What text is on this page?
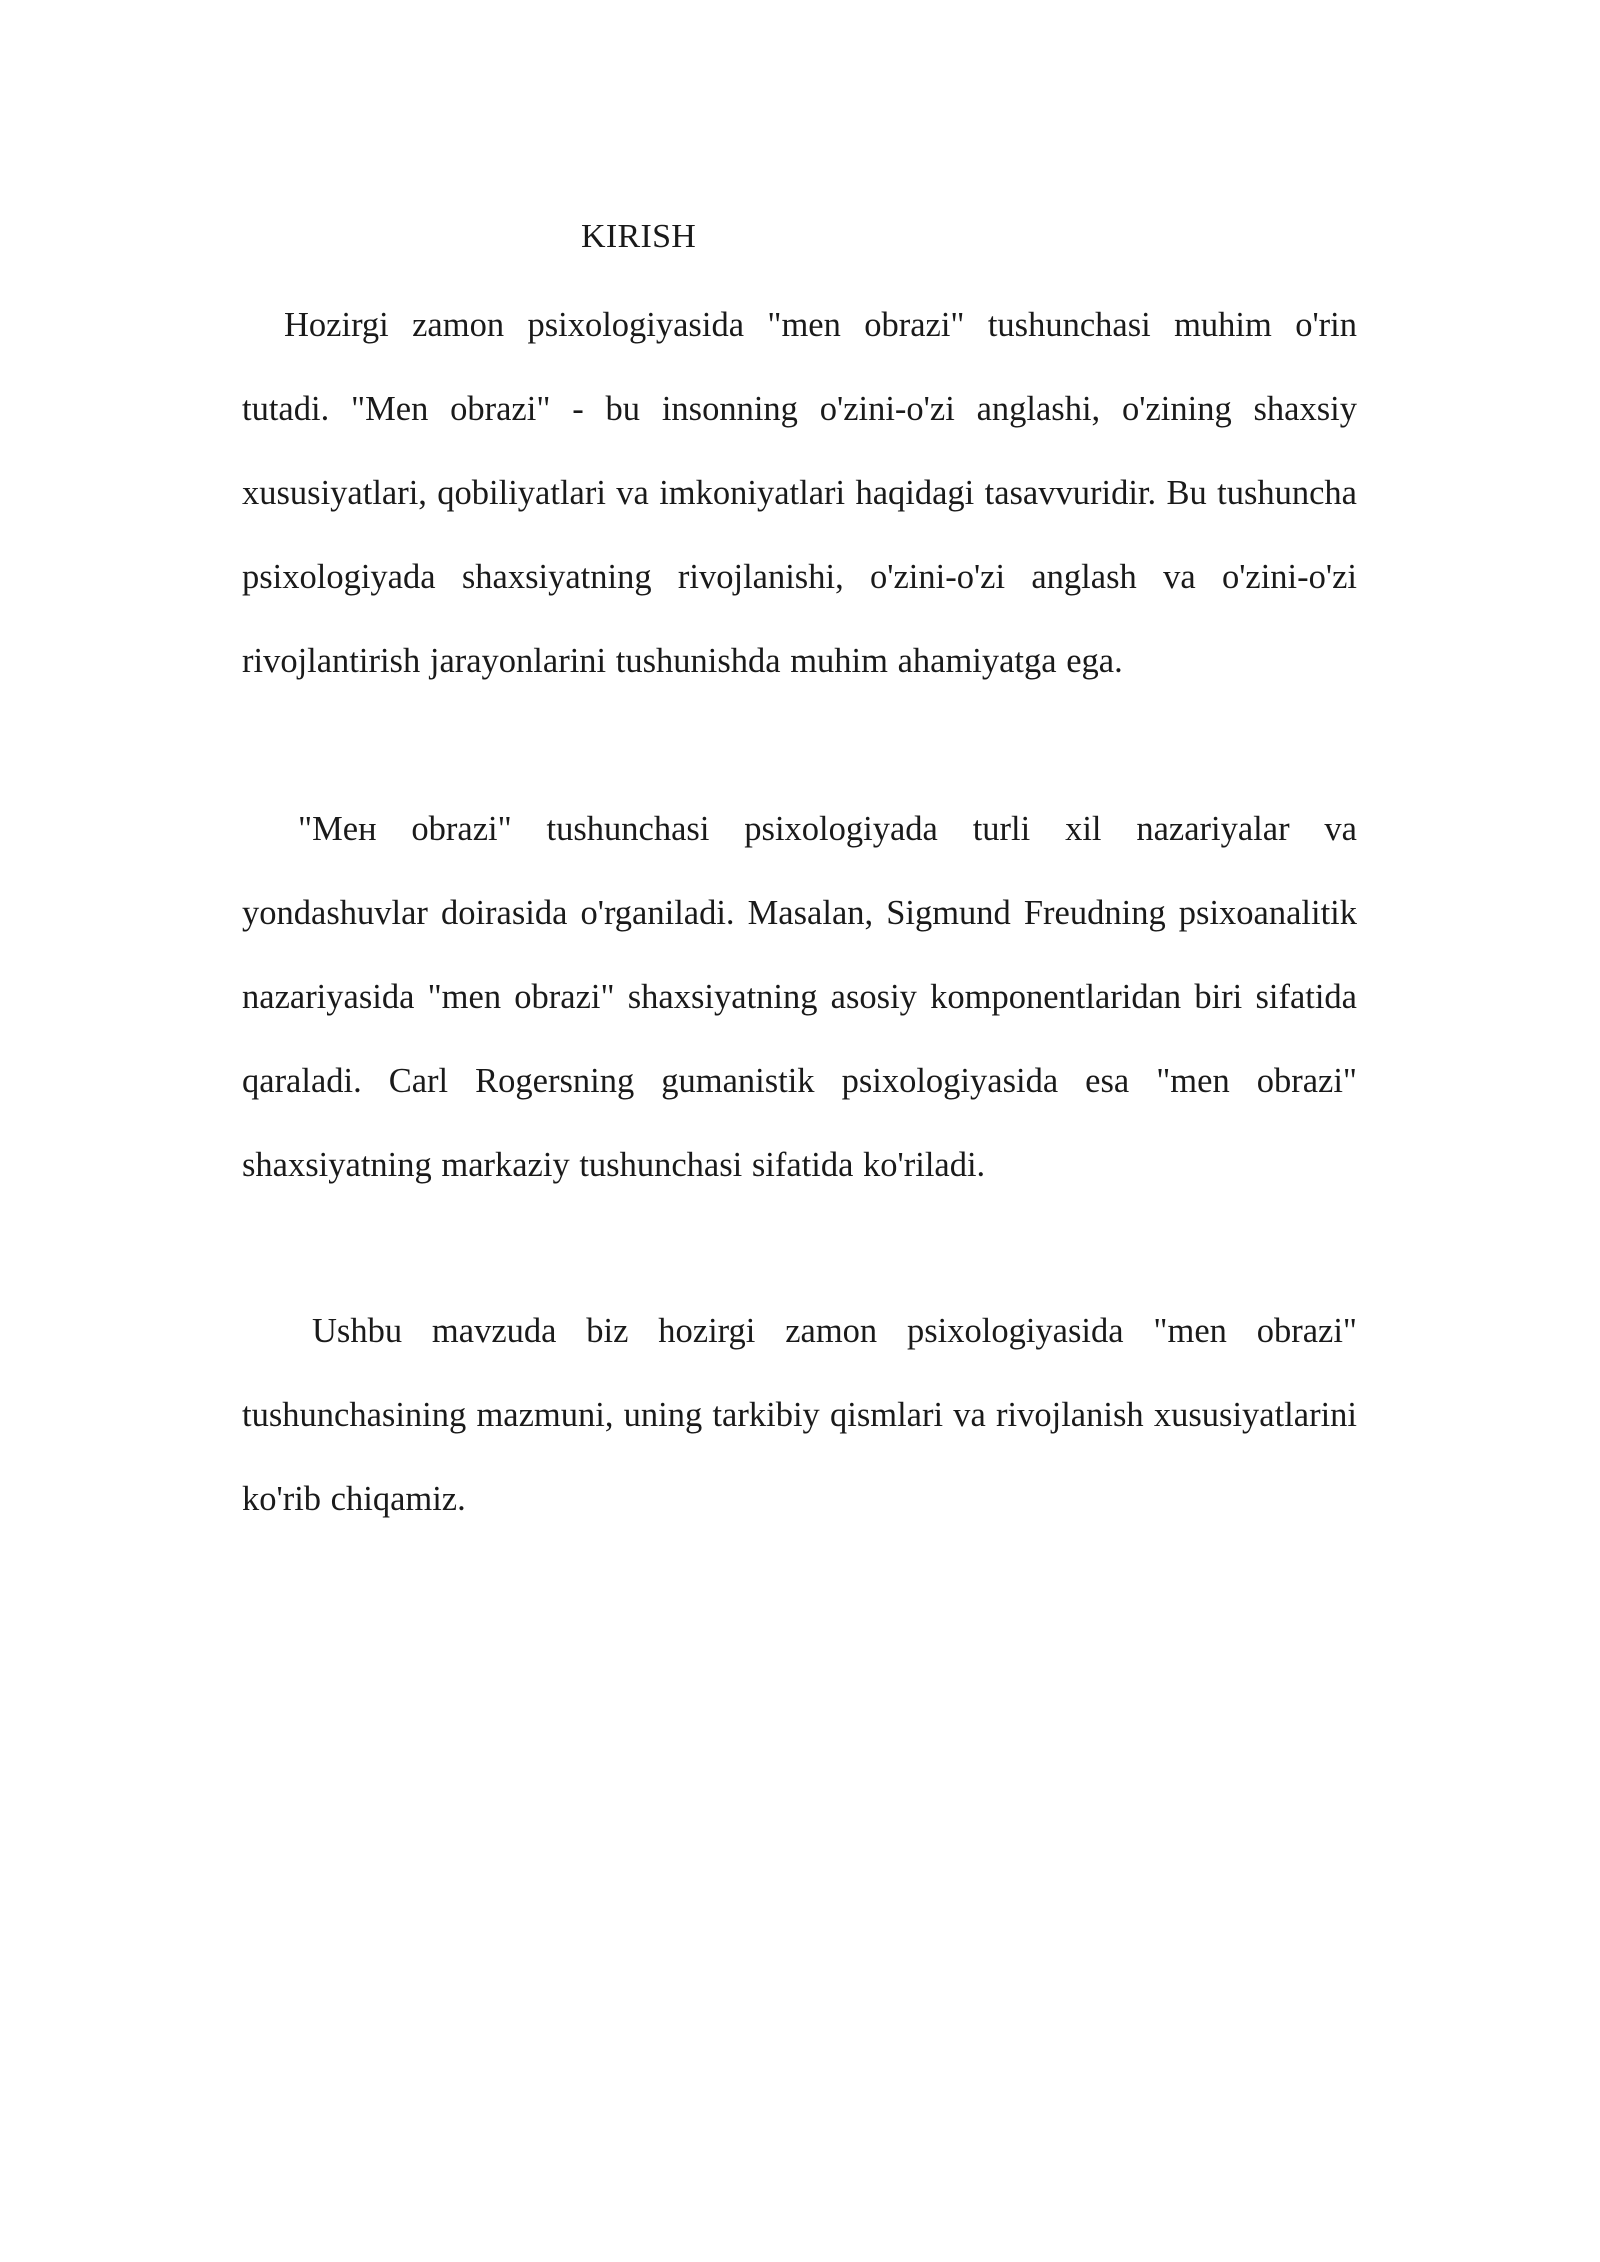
KIRISH

Hozirgi zamon psixologiyasida "men obrazi" tushunchasi muhim o'rin tutadi. "Men obrazi" - bu insonning o'zini-o'zi anglashi, o'zining shaxsiy xususiyatlari, qobiliyatlari va imkoniyatlari haqidagi tasavvuridir. Bu tushuncha psixologiyada shaxsiyatning rivojlanishi, o'zini-o'zi anglash va o'zini-o'zi rivojlantirish jarayonlarini tushunishda muhim ahamiyatga ega.

"Meн obrazi" tushunchasi psixologiyada turli xil nazariyalar va yondashuvlar doirasida o'rganiladi. Masalan, Sigmund Freudning psixoanalitik nazariyasida "men obrazi" shaxsiyatning asosiy komponentlaridan biri sifatida qaraladi. Carl Rogersning gumanistik psixologiyasida esa "men obrazi" shaxsiyatning markaziy tushunchasi sifatida ko'riladi.

Ushbu mavzuda biz hozirgi zamon psixologiyasida "men obrazi" tushunchasining mazmuni, uning tarkibiy qismlari va rivojlanish xususiyatlarini ko'rib chiqamiz.
